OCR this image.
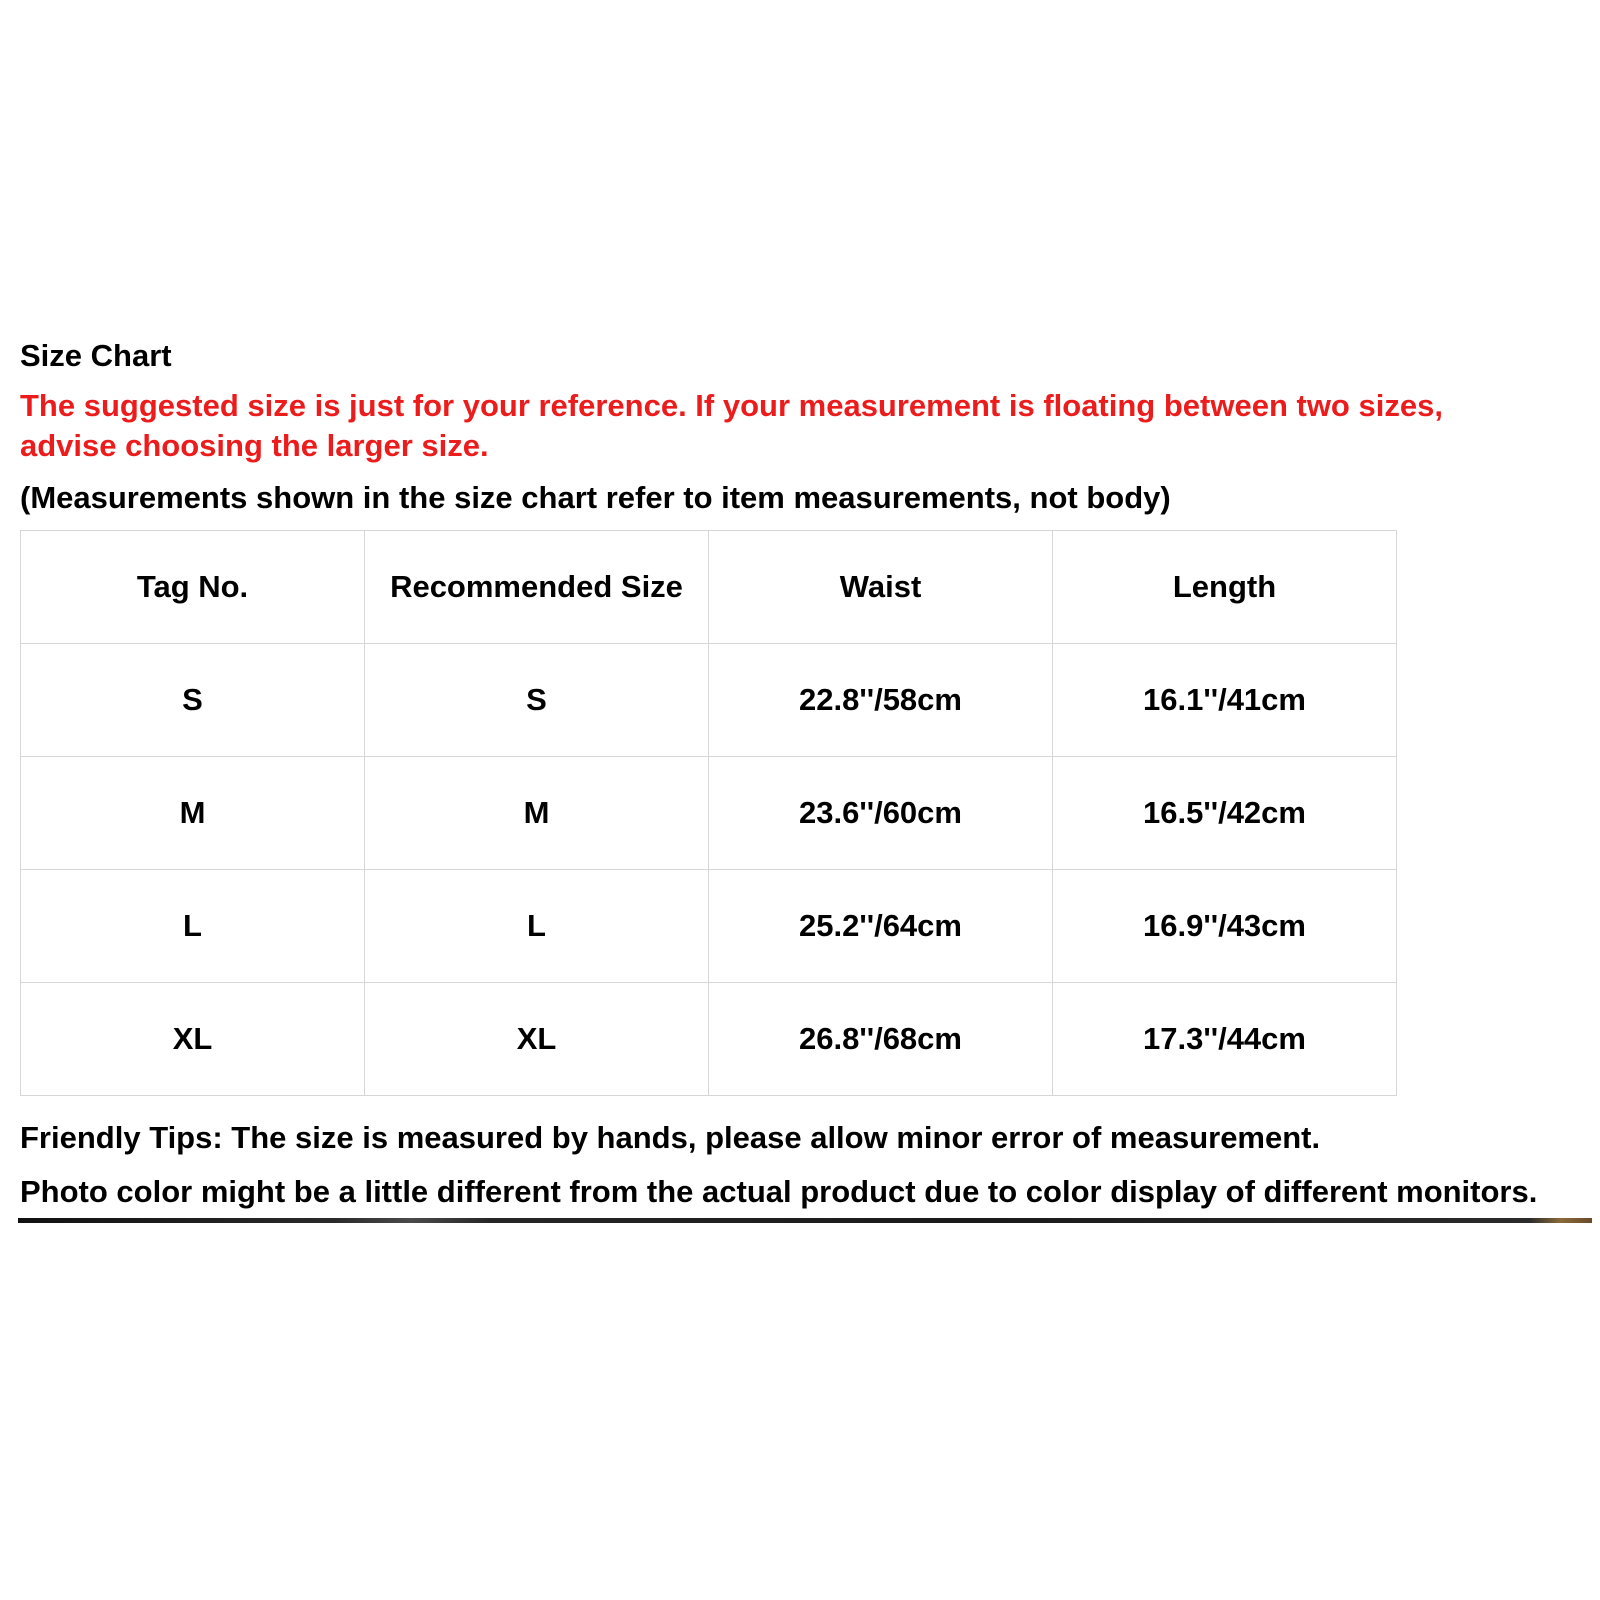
Size Chart
The suggested size is just for your reference. If your measurement is floating between two sizes, advise choosing the larger size.
(Measurements shown in the size chart refer to item measurements, not body)
Tag No.	Recommended Size	Waist	Length
S	S	22.8''/58cm	16.1''/41cm
M	M	23.6''/60cm	16.5''/42cm
L	L	25.2''/64cm	16.9''/43cm
XL	XL	26.8''/68cm	17.3''/44cm
Friendly Tips: The size is measured by hands, please allow minor error of measurement.
Photo color might be a little different from the actual product due to color display of different monitors.
